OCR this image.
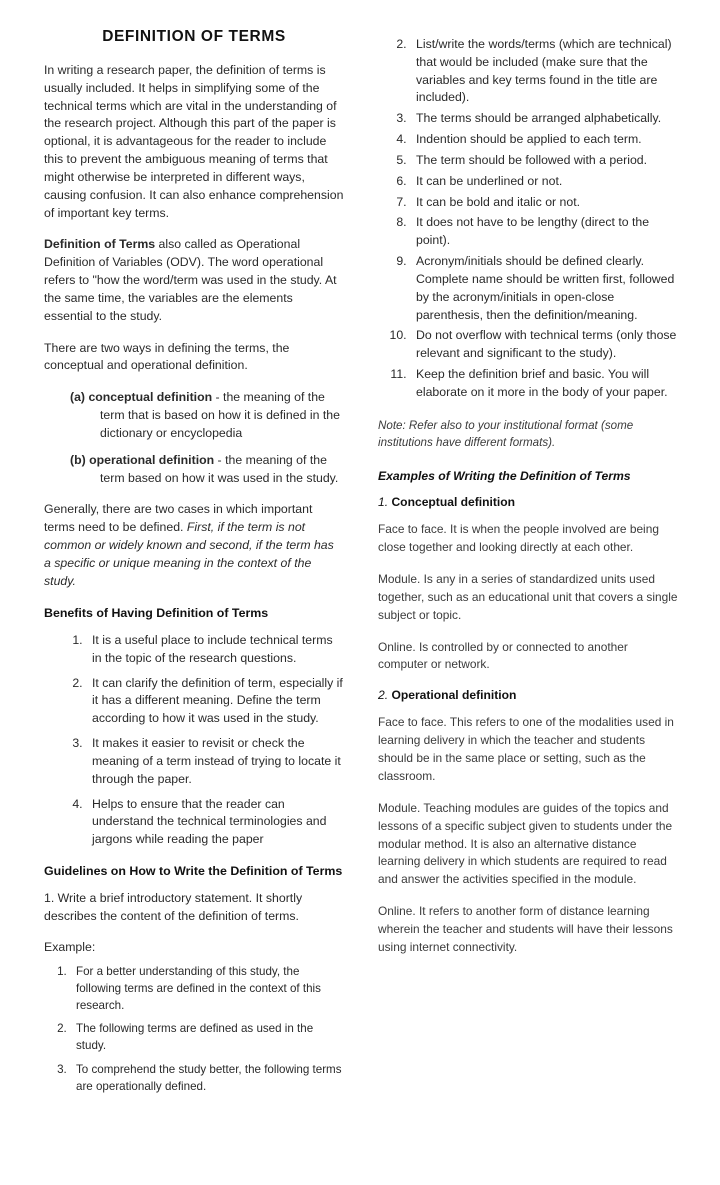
DEFINITION OF TERMS

In writing a research paper, the definition of terms is usually included. It helps in simplifying some of the technical terms which are vital in the understanding of the research project. Although this part of the paper is optional, it is advantageous for the reader to include this to prevent the ambiguous meaning of terms that might otherwise be interpreted in different ways, causing confusion. It can also enhance comprehension of important key terms.

Definition of Terms also called as Operational Definition of Variables (ODV). The word operational refers to "how the word/term was used in the study. At the same time, the variables are the elements essential to the study.

There are two ways in defining the terms, the conceptual and operational definition.

(a) conceptual definition - the meaning of the term that is based on how it is defined in the dictionary or encyclopedia
(b) operational definition - the meaning of the term based on how it was used in the study.

Generally, there are two cases in which important terms need to be defined. First, if the term is not common or widely known and second, if the term has a specific or unique meaning in the context of the study.

Benefits of Having Definition of Terms
1. It is a useful place to include technical terms in the topic of the research questions.
2. It can clarify the definition of term, especially if it has a different meaning. Define the term according to how it was used in the study.
3. It makes it easier to revisit or check the meaning of a term instead of trying to locate it through the paper.
4. Helps to ensure that the reader can understand the technical terminologies and jargons while reading the paper
Guidelines on How to Write the Definition of Terms

1. Write a brief introductory statement. It shortly describes the content of the definition of terms.

Example:

1. For a better understanding of this study, the following terms are defined in the context of this research.
2. The following terms are defined as used in the study.
3. To comprehend the study better, the following terms are operationally defined.
2. List/write the words/terms (which are technical) that would be included (make sure that the variables and key terms found in the title are included).
3. The terms should be arranged alphabetically.
4. Indention should be applied to each term.
5. The term should be followed with a period.
6. It can be underlined or not.
7. It can be bold and italic or not.
8. It does not have to be lengthy (direct to the point).
9. Acronym/initials should be defined clearly. Complete name should be written first, followed by the acronym/initials in open-close parenthesis, then the definition/meaning.
10. Do not overflow with technical terms (only those relevant and significant to the study).
11. Keep the definition brief and basic. You will elaborate on it more in the body of your paper.

Note: Refer also to your institutional format (some institutions have different formats).

Examples of Writing the Definition of Terms
1. Conceptual definition

Face to face. It is when the people involved are being close together and looking directly at each other.

Module. Is any in a series of standardized units used together, such as an educational unit that covers a single subject or topic.

Online. Is controlled by or connected to another computer or network.

2. Operational definition

Face to face. This refers to one of the modalities used in learning delivery in which the teacher and students should be in the same place or setting, such as the classroom.

Module. Teaching modules are guides of the topics and lessons of a specific subject given to students under the modular method. It is also an alternative distance learning delivery in which students are required to read and answer the activities specified in the module.

Online. It refers to another form of distance learning wherein the teacher and students will have their lessons using internet connectivity.
